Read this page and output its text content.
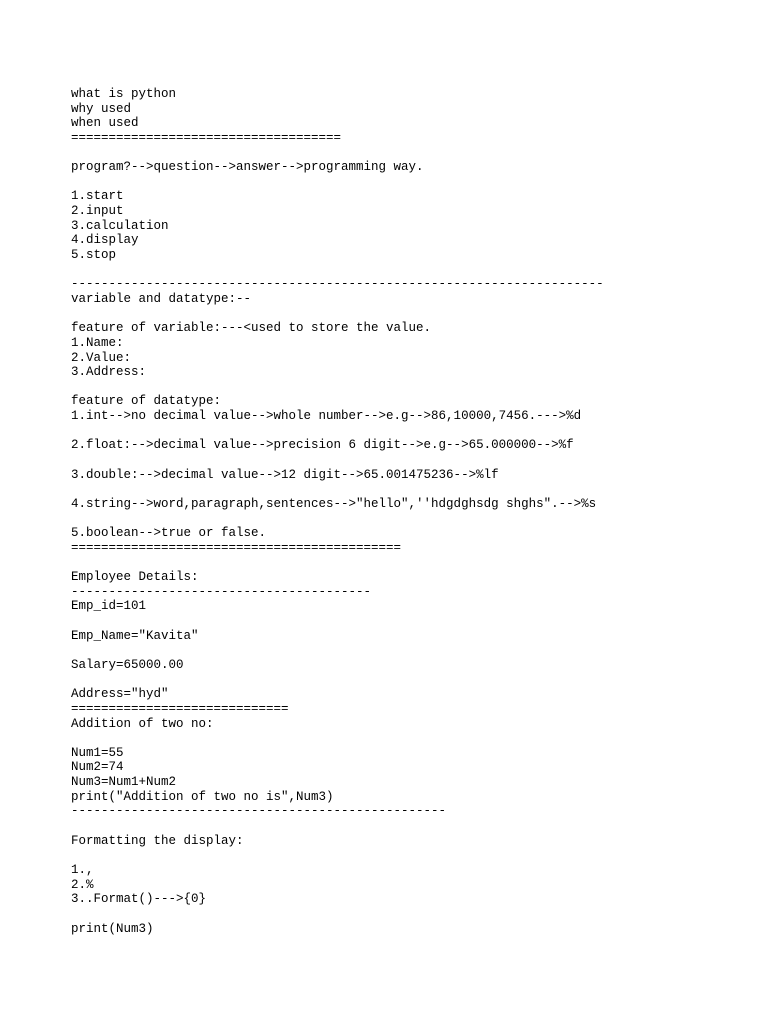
what is python
why used
when used
====================================
program?-->question-->answer-->programming way.
1.start
2.input
3.calculation
4.display
5.stop
-----------------------------------------------------------------------
variable and datatype:--
feature of variable:---<used to store the value.
1.Name:
2.Value:
3.Address:
feature of datatype:
1.int-->no decimal value-->whole number-->e.g-->86,10000,7456.--->%d
2.float:-->decimal value-->precision 6 digit-->e.g-->65.000000-->%f
3.double:-->decimal value-->12 digit-->65.001475236-->%lf
4.string-->word,paragraph,sentences-->"hello",''hdgdghsdg shghs".-->%s
5.boolean-->true or false.
============================================
Employee Details:
----------------------------------------
Emp_id=101
Emp_Name="Kavita"
Salary=65000.00
Address="hyd"
=============================
Addition of two no:
Num1=55
Num2=74
Num3=Num1+Num2
print("Addition of two no is",Num3)
--------------------------------------------------
Formatting the display:
1.,
2.%
3..Format()--->{0}
print(Num3)
